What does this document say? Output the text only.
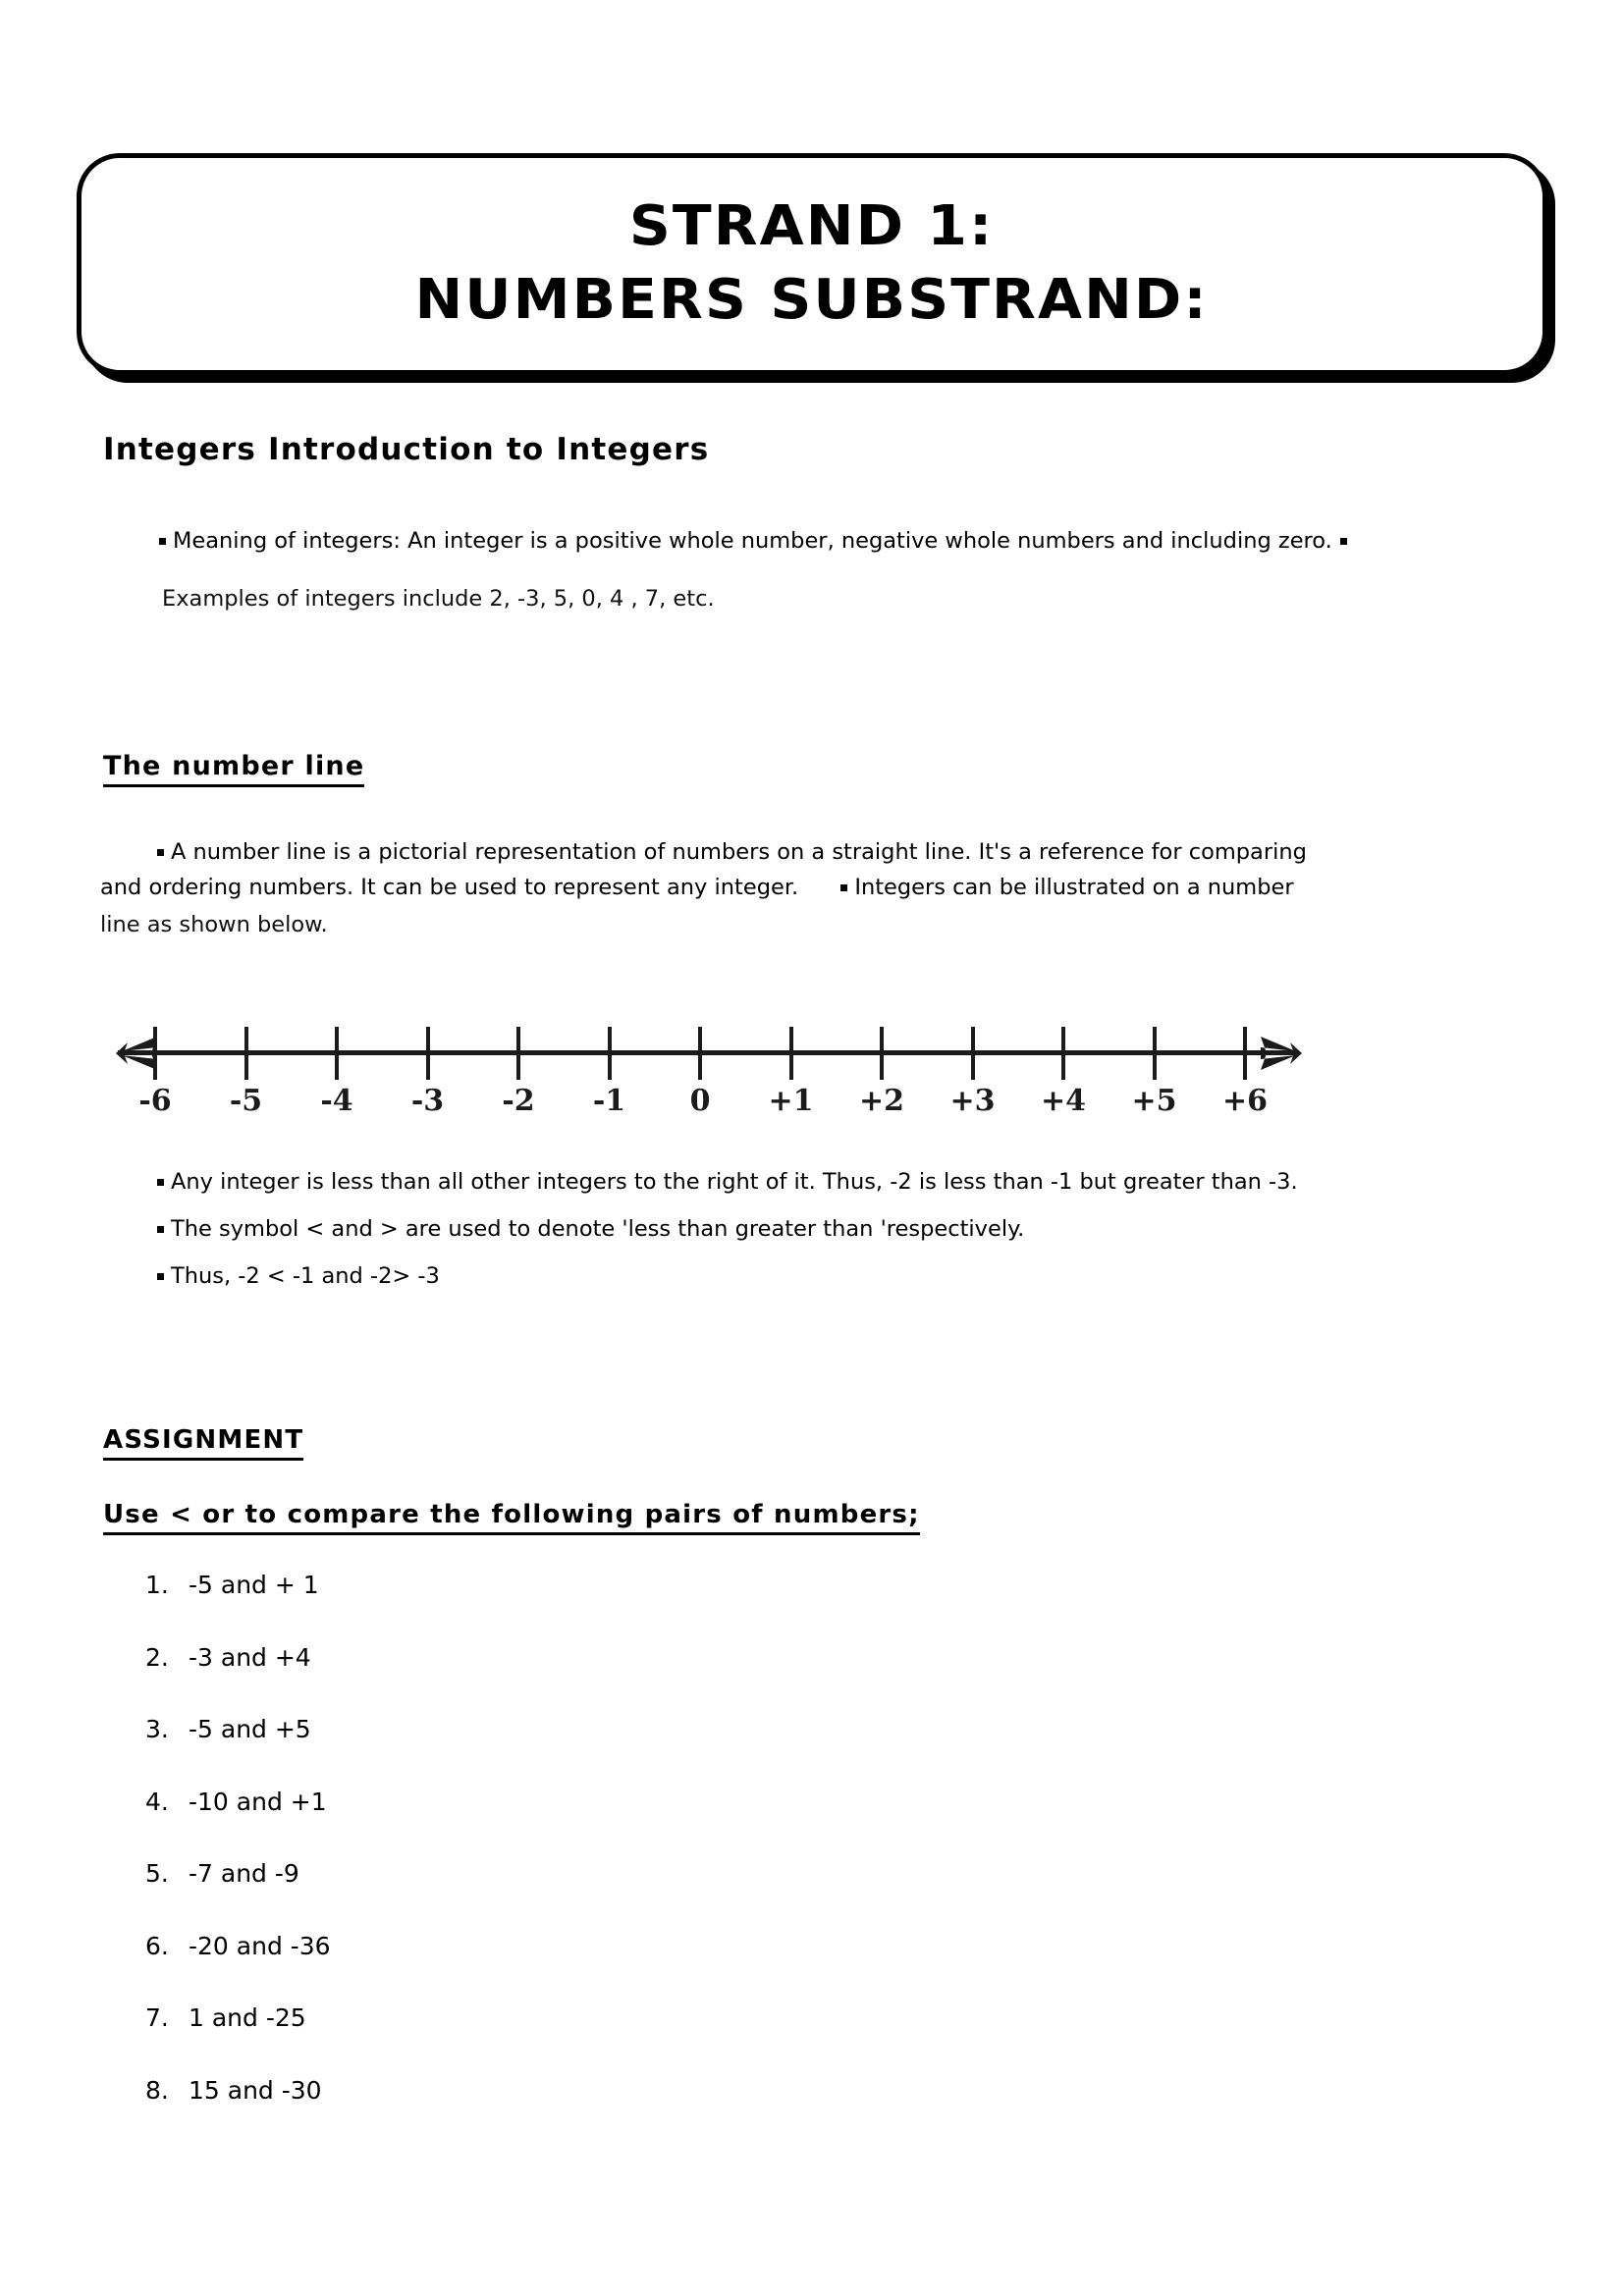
STRAND 1:
NUMBERS SUBSTRAND:
Integers Introduction to Integers
Meaning of integers: An integer is a positive whole number, negative whole numbers and including zero.
Examples of integers include 2, -3, 5, 0, 4 , 7, etc.
The number line
A number line is a pictorial representation of numbers on a straight line. It's a reference for comparing
and ordering numbers. It can be used to represent any integer.	Integers can be illustrated on a number
line as shown below.
-6 -5 -4 -3 -2 -1 0 +1 +2 +3 +4 +5 +6
Any integer is less than all other integers to the right of it. Thus, -2 is less than -1 but greater than -3.
The symbol < and > are used to denote 'less than greater than 'respectively.
Thus, -2 < -1 and -2> -3
ASSIGNMENT
Use < or to compare the following pairs of numbers;
1. -5 and + 1
2. -3 and +4
3. -5 and +5
4. -10 and +1
5. -7 and -9
6. -20 and -36
7. 1 and -25
8. 15 and -30
